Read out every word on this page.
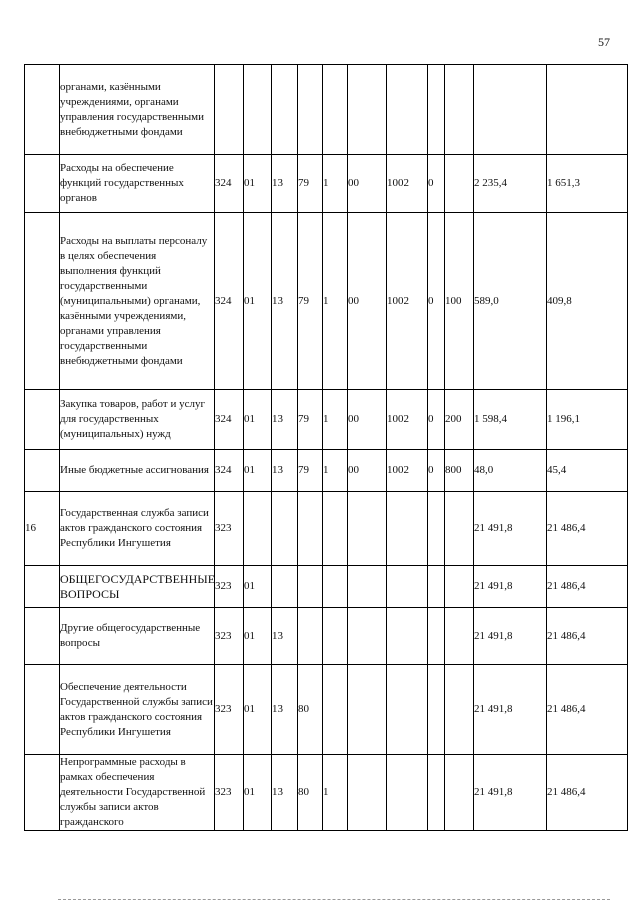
57
	органами, казёнными учреждениями, органами управления государственными внебюджетными фондами											
	Расходы на обеспечение функций государственных органов	324	01	13	79	1	00	1002	0		2 235,4	1 651,3
	Расходы на выплаты персоналу в целях обеспечения выполнения функций государственными (муниципальными) органами, казёнными учреждениями, органами управления государственными внебюджетными фондами	324	01	13	79	1	00	1002	0	100	589,0	409,8
	Закупка товаров, работ и услуг для государственных (муниципальных) нужд	324	01	13	79	1	00	1002	0	200	1 598,4	1 196,1
	Иные бюджетные ассигнования	324	01	13	79	1	00	1002	0	800	48,0	45,4
16	Государственная служба записи актов гражданского состояния Республики Ингушетия	323									21 491,8	21 486,4
	ОБЩЕГОСУДАРСТВЕННЫЕ ВОПРОСЫ	323	01								21 491,8	21 486,4
	Другие общегосударственные вопросы	323	01	13							21 491,8	21 486,4
	Обеспечение деятельности Государственной службы записи актов гражданского состояния Республики Ингушетия	323	01	13	80						21 491,8	21 486,4
	Непрограммные расходы в рамках обеспечения деятельности Государственной службы записи актов гражданского	323	01	13	80	1					21 491,8	21 486,4
